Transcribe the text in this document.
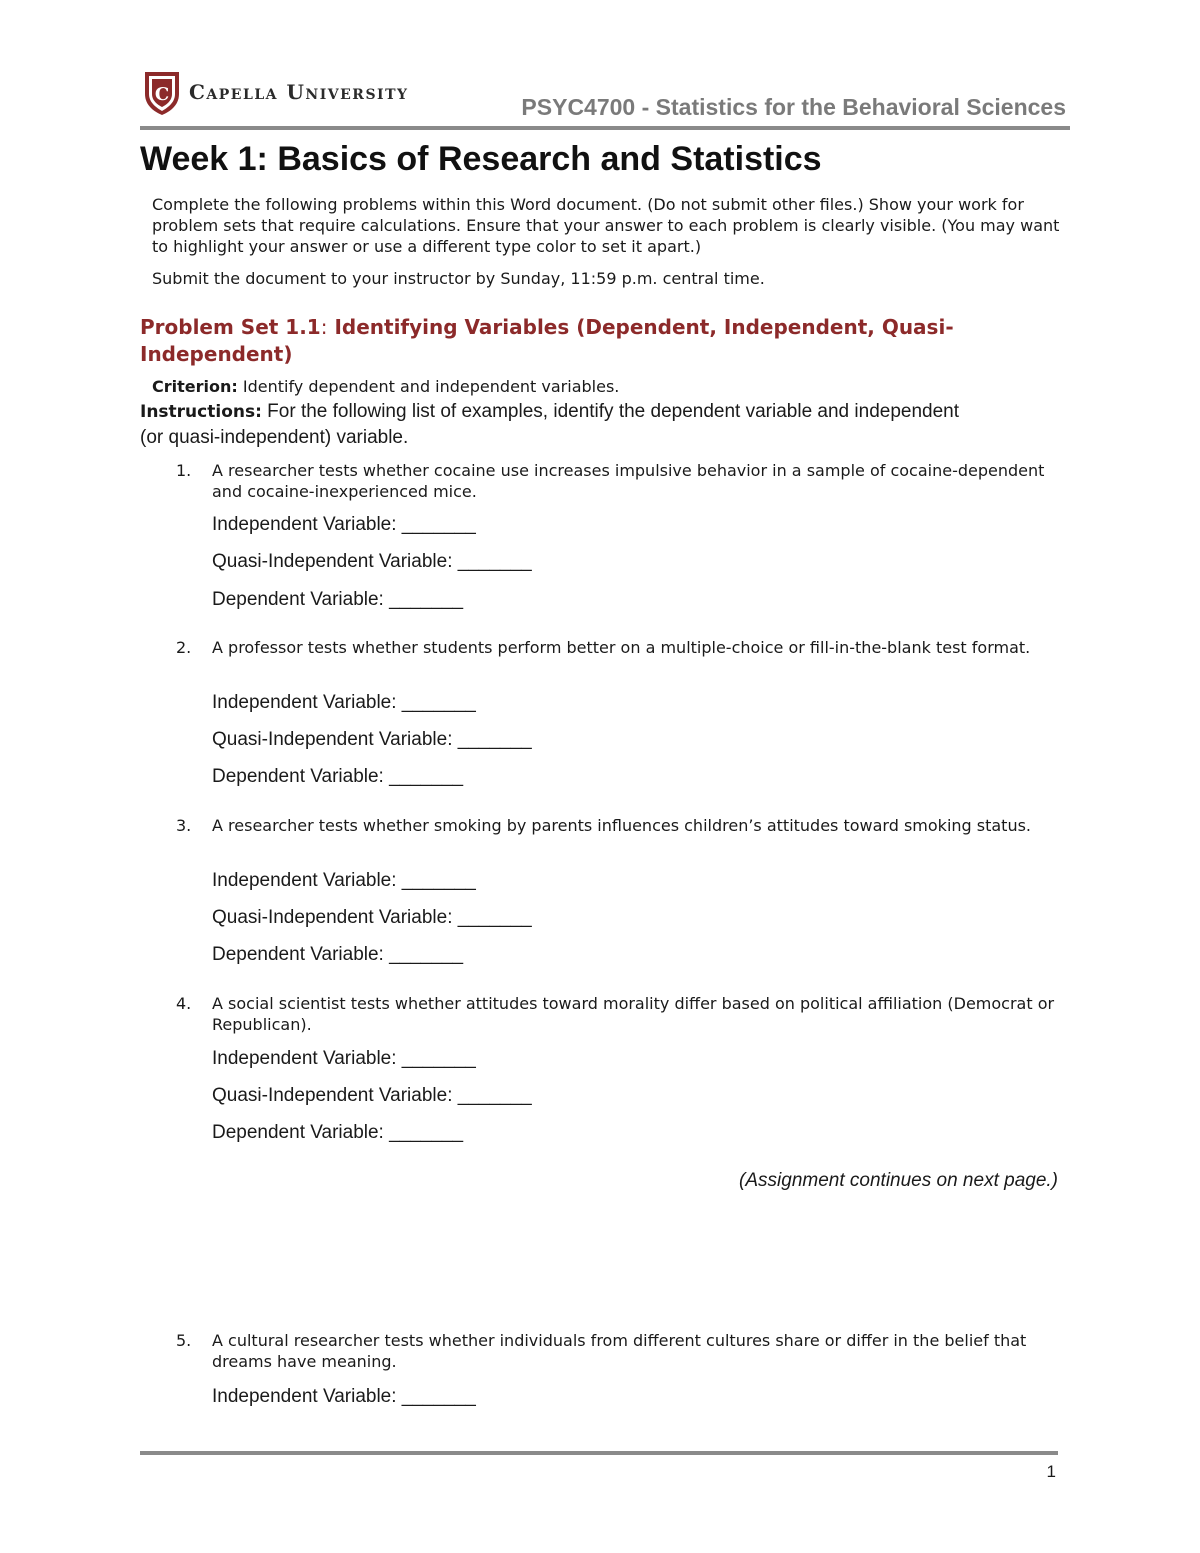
C Capella University
PSYC4700 - Statistics for the Behavioral Sciences
Week 1: Basics of Research and Statistics
Complete the following problems within this Word document. (Do not submit other files.) Show your work for problem sets that require calculations. Ensure that your answer to each problem is clearly visible. (You may want to highlight your answer or use a different type color to set it apart.)
Submit the document to your instructor by Sunday, 11:59 p.m. central time.
Problem Set 1.1: Identifying Variables (Dependent, Independent, Quasi-Independent)
Criterion: Identify dependent and independent variables.
Instructions: For the following list of examples, identify the dependent variable and independent (or quasi-independent) variable.
1. A researcher tests whether cocaine use increases impulsive behavior in a sample of cocaine-dependent and cocaine-inexperienced mice.
Independent Variable: _______
Quasi-Independent Variable: _______
Dependent Variable: _______
2. A professor tests whether students perform better on a multiple-choice or fill-in-the-blank test format.
Independent Variable: _______
Quasi-Independent Variable: _______
Dependent Variable: _______
3. A researcher tests whether smoking by parents influences children’s attitudes toward smoking status.
Independent Variable: _______
Quasi-Independent Variable: _______
Dependent Variable: _______
4. A social scientist tests whether attitudes toward morality differ based on political affiliation (Democrat or Republican).
Independent Variable: _______
Quasi-Independent Variable: _______
Dependent Variable: _______
(Assignment continues on next page.)
5. A cultural researcher tests whether individuals from different cultures share or differ in the belief that dreams have meaning.
Independent Variable: _______
1
